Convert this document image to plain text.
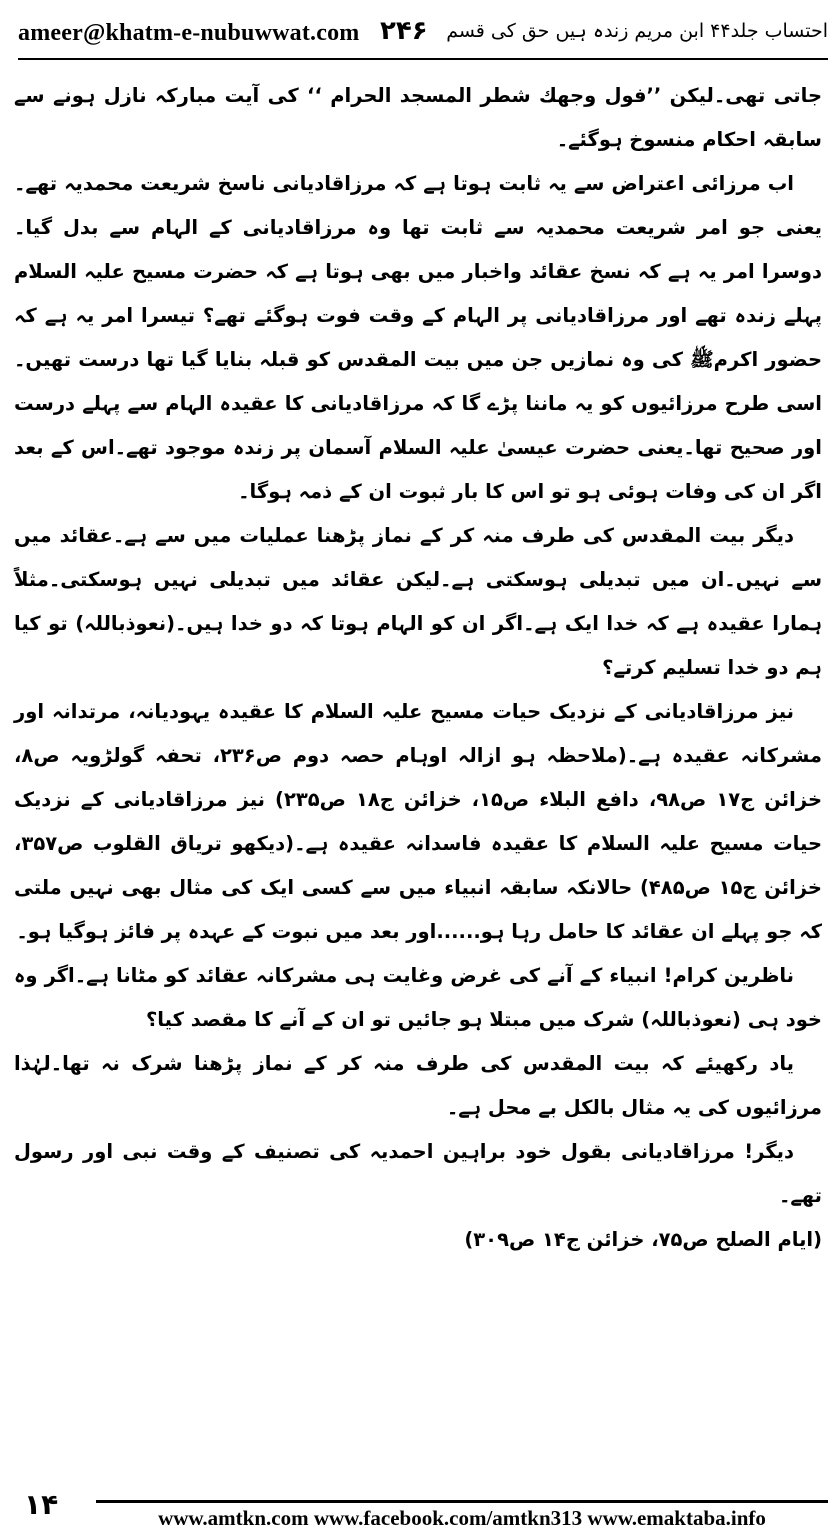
ameer@khatm-e-nubuwwat.com ۲۴۶ احتساب جلد۴۴ ابن مریم زندہ ہیں حق کی قسم

جاتی تھی۔لیکن ’’فول وجهك شطر المسجد الحرام ‘‘ کی آیت مبارکہ نازل ہونے سے سابقہ احکام منسوخ ہوگئے۔

اب مرزائی اعتراض سے یہ ثابت ہوتا ہے کہ مرزاقادیانی ناسخ شریعت محمدیہ تھے۔یعنی جو امر شریعت محمدیہ سے ثابت تھا وہ مرزاقادیانی کے الہام سے بدل گیا۔دوسرا امر یہ ہے کہ نسخ عقائد واخبار میں بھی ہوتا ہے کہ حضرت مسیح علیہ السلام پہلے زندہ تھے اور مرزاقادیانی پر الہام کے وقت فوت ہوگئے تھے؟ تیسرا امر یہ ہے کہ حضور اکرمﷺ کی وہ نمازیں جن میں بیت المقدس کو قبلہ بنایا گیا تھا درست تھیں۔اسی طرح مرزائیوں کو یہ ماننا پڑے گا کہ مرزاقادیانی کا عقیدہ الہام سے پہلے درست اور صحیح تھا۔یعنی حضرت عیسیٰ علیہ السلام آسمان پر زندہ موجود تھے۔اس کے بعد اگر ان کی وفات ہوئی ہو تو اس کا بار ثبوت ان کے ذمہ ہوگا۔

دیگر بیت المقدس کی طرف منہ کر کے نماز پڑھنا عملیات میں سے ہے۔عقائد میں سے نہیں۔ان میں تبدیلی ہوسکتی ہے۔لیکن عقائد میں تبدیلی نہیں ہوسکتی۔مثلاً ہمارا عقیدہ ہے کہ خدا ایک ہے۔اگر ان کو الہام ہوتا کہ دو خدا ہیں۔(نعوذباللہ) تو کیا ہم دو خدا تسلیم کرتے؟

نیز مرزاقادیانی کے نزدیک حیات مسیح علیہ السلام کا عقیدہ یہودیانہ، مرتدانہ اور مشرکانہ عقیدہ ہے۔(ملاحظہ ہو ازالہ اوہام حصہ دوم ص۲۳۶، تحفہ گولڑویہ ص۸، خزائن ج۱۷ ص۹۸، دافع البلاء ص۱۵، خزائن ج۱۸ ص۲۳۵) نیز مرزاقادیانی کے نزدیک حیات مسیح علیہ السلام کا عقیدہ فاسدانہ عقیدہ ہے۔(دیکھو تریاق القلوب ص۳۵۷، خزائن ج۱۵ ص۴۸۵) حالانکہ سابقہ انبیاء میں سے کسی ایک کی مثال بھی نہیں ملتی کہ جو پہلے ان عقائد کا حامل رہا ہو......اور بعد میں نبوت کے عہدہ پر فائز ہوگیا ہو۔

ناظرین کرام! انبیاء کے آنے کی غرض وغایت ہی مشرکانہ عقائد کو مٹانا ہے۔اگر وہ خود ہی (نعوذباللہ) شرک میں مبتلا ہو جائیں تو ان کے آنے کا مقصد کیا؟

یاد رکھیئے کہ بیت المقدس کی طرف منہ کر کے نماز پڑھنا شرک نہ تھا۔لہٰذا مرزائیوں کی یہ مثال بالکل بے محل ہے۔

دیگر! مرزاقادیانی بقول خود براہین احمدیہ کی تصنیف کے وقت نبی اور رسول تھے۔

(ایام الصلح ص۷۵، خزائن ج۱۴ ص۳۰۹)

۱۴	www.amtkn.com www.facebook.com/amtkn313 www.emaktaba.info
